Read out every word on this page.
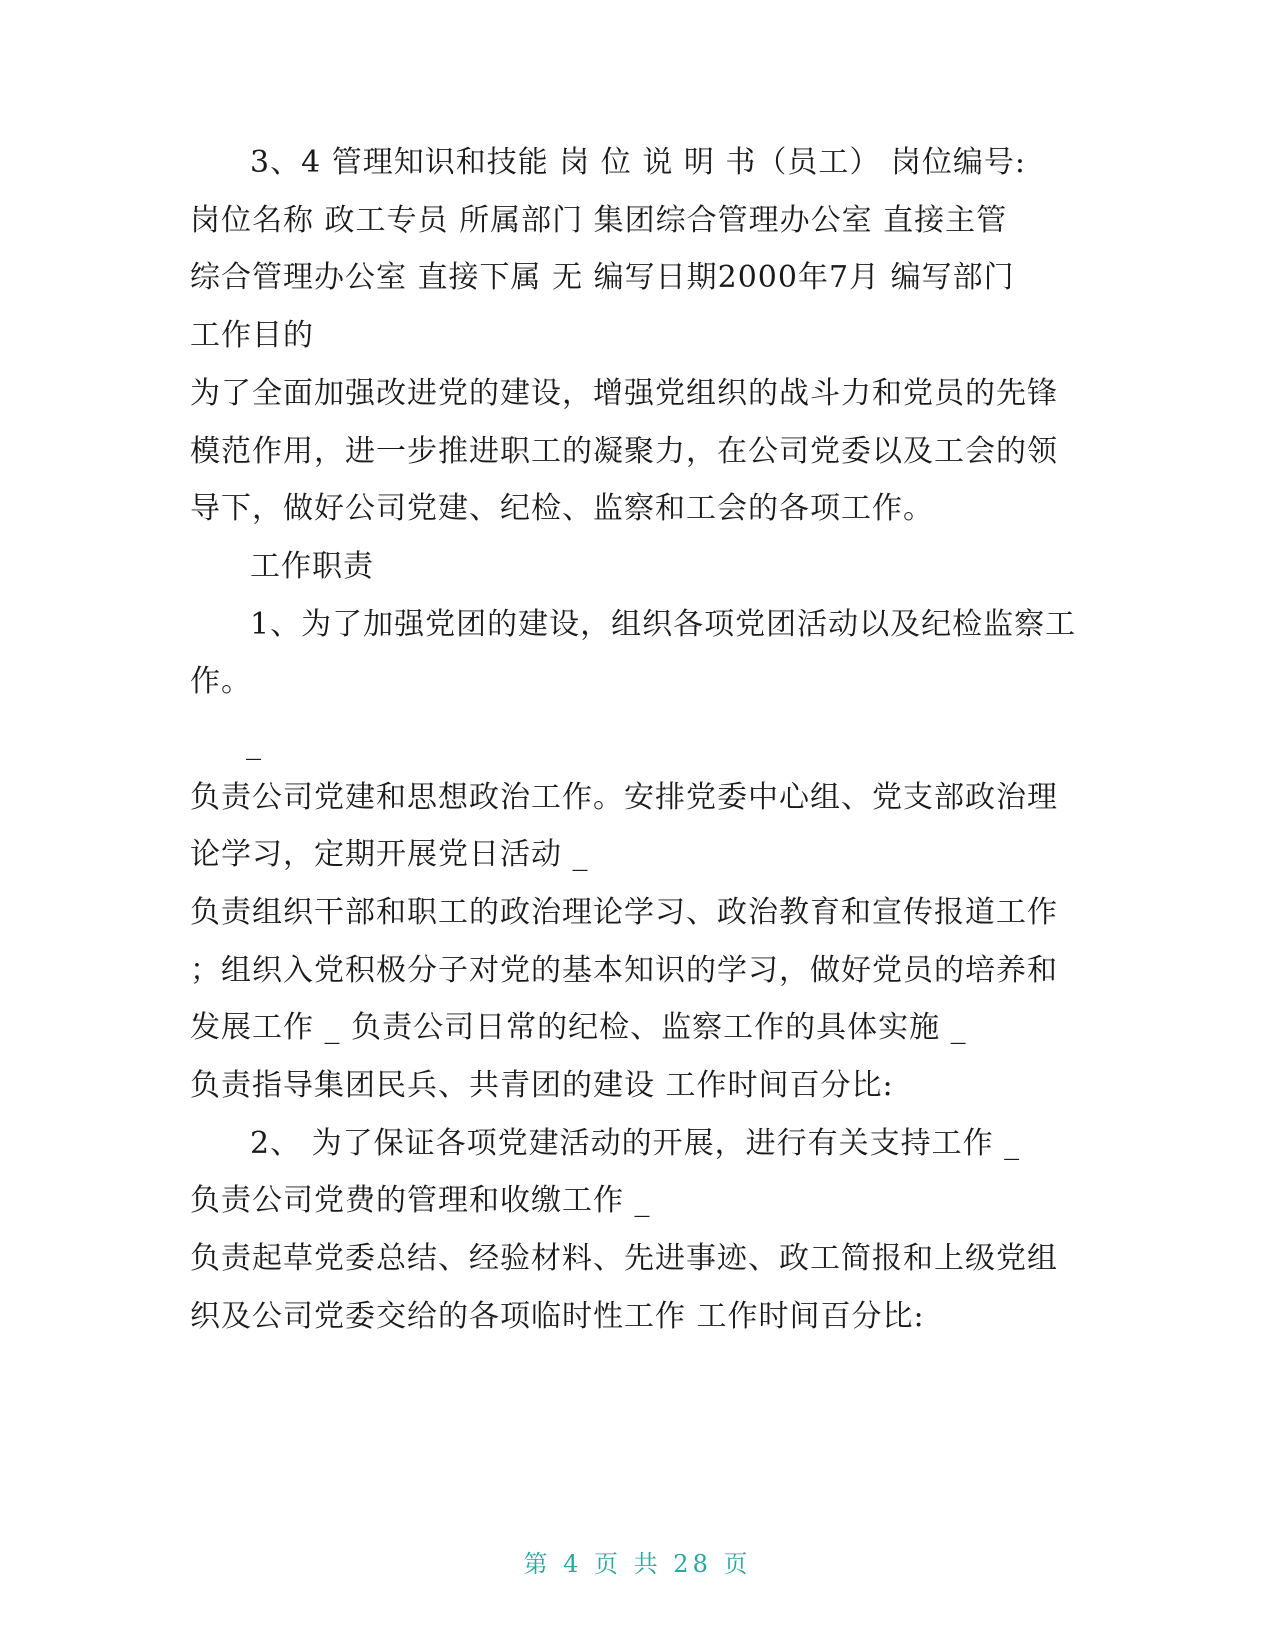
3、4 管理知识和技能 岗 位 说 明 书（员工） 岗位编号:
岗位名称 政工专员 所属部门 集团综合管理办公室 直接主管
综合管理办公室 直接下属 无 编写日期2000年7月 编写部门
工作目的
为了全面加强改进党的建设，增强党组织的战斗力和党员的先锋
模范作用，进一步推进职工的凝聚力，在公司党委以及工会的领
导下，做好公司党建、纪检、监察和工会的各项工作。
工作职责
1、为了加强党团的建设，组织各项党团活动以及纪检监察工
作。
_
负责公司党建和思想政治工作。安排党委中心组、党支部政治理
论学习，定期开展党日活动 _
负责组织干部和职工的政治理论学习、政治教育和宣传报道工作
；组织入党积极分子对党的基本知识的学习，做好党员的培养和
发展工作 _ 负责公司日常的纪检、监察工作的具体实施 _
负责指导集团民兵、共青团的建设 工作时间百分比:
2、 为了保证各项党建活动的开展，进行有关支持工作 _
负责公司党费的管理和收缴工作 _
负责起草党委总结、经验材料、先进事迹、政工简报和上级党组
织及公司党委交给的各项临时性工作 工作时间百分比:
第 4 页 共 28 页
